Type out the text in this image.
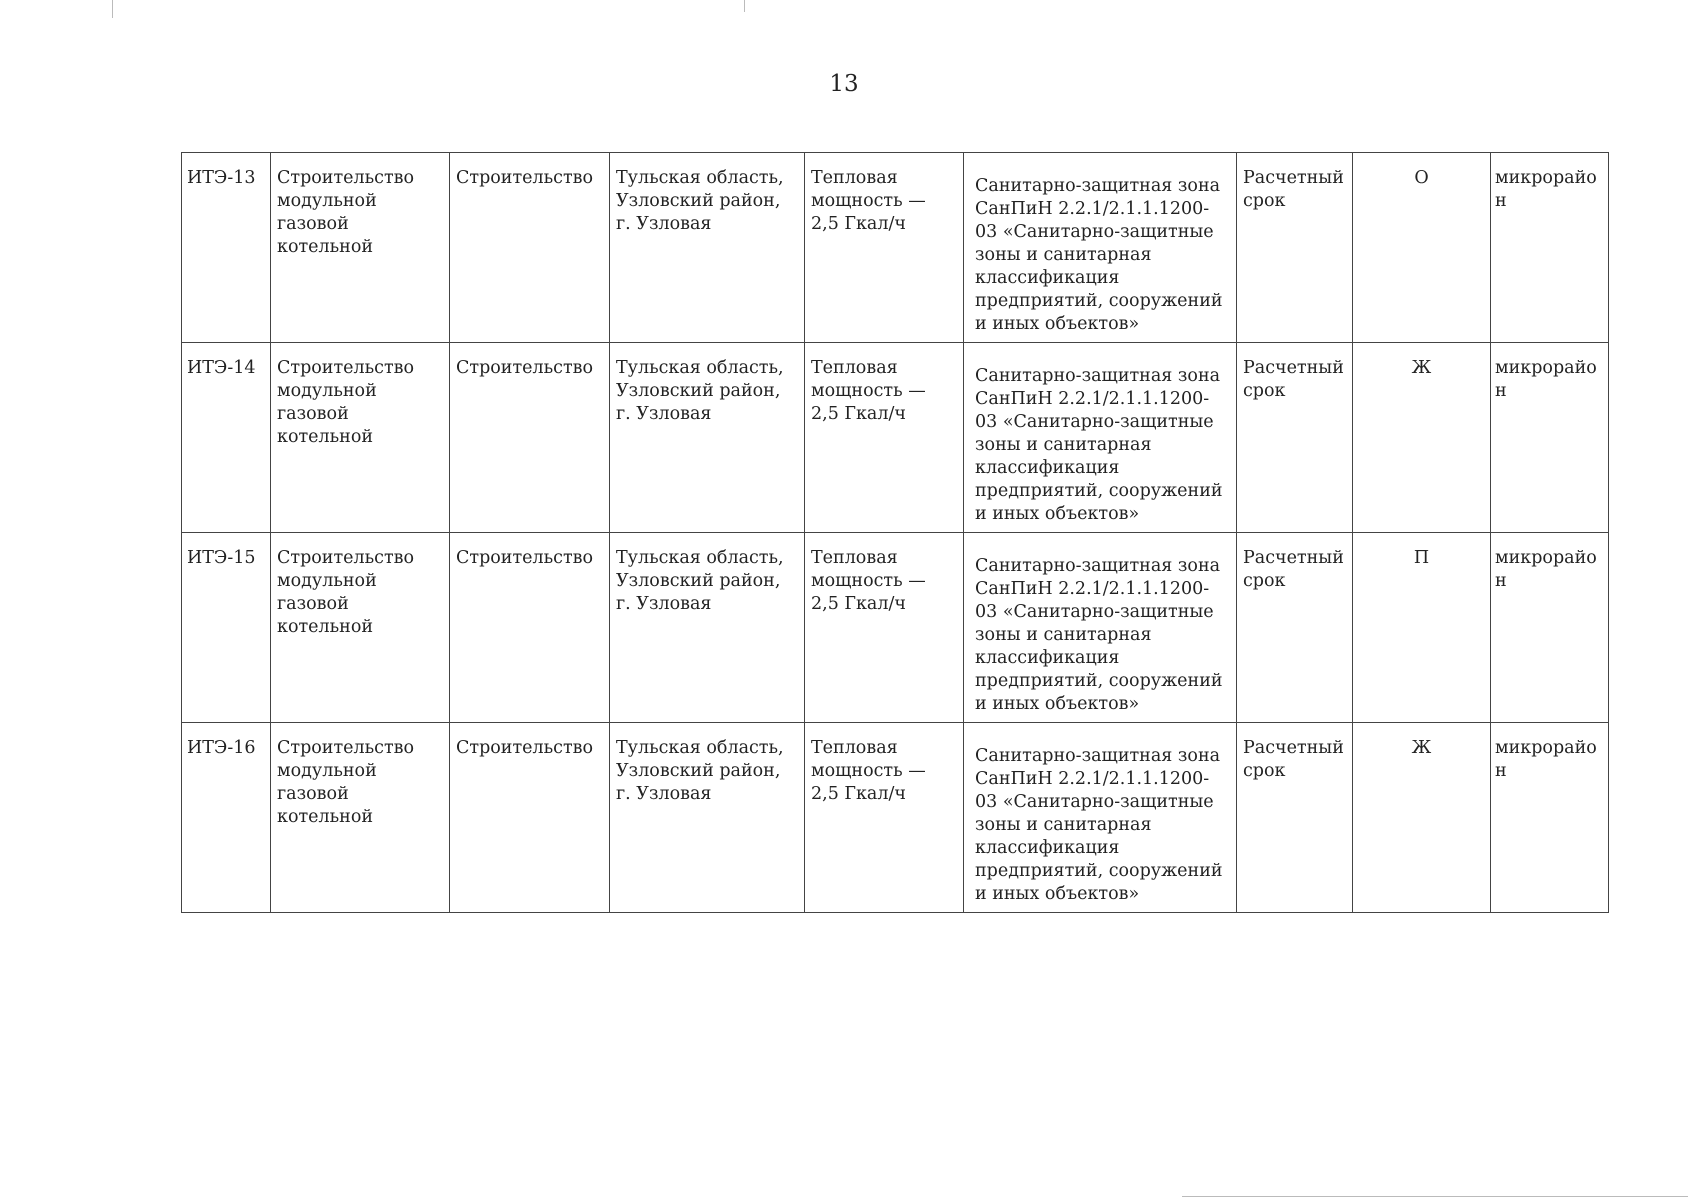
13
ИТЭ-13	Строительство модульной газовой котельной	Строительство	Тульская область, Узловский район, г. Узловая	Тепловая мощность — 2,5 Гкал/ч	Санитарно-защитная зона СанПиН 2.2.1/2.1.1.1200-03 «Санитарно-защитные зоны и санитарная классификация предприятий, сооружений и иных объектов»	Расчетный срок	О	микрорайон
ИТЭ-14	Строительство модульной газовой котельной	Строительство	Тульская область, Узловский район, г. Узловая	Тепловая мощность — 2,5 Гкал/ч	Санитарно-защитная зона СанПиН 2.2.1/2.1.1.1200-03 «Санитарно-защитные зоны и санитарная классификация предприятий, сооружений и иных объектов»	Расчетный срок	Ж	микрорайон
ИТЭ-15	Строительство модульной газовой котельной	Строительство	Тульская область, Узловский район, г. Узловая	Тепловая мощность — 2,5 Гкал/ч	Санитарно-защитная зона СанПиН 2.2.1/2.1.1.1200-03 «Санитарно-защитные зоны и санитарная классификация предприятий, сооружений и иных объектов»	Расчетный срок	П	микрорайон
ИТЭ-16	Строительство модульной газовой котельной	Строительство	Тульская область, Узловский район, г. Узловая	Тепловая мощность — 2,5 Гкал/ч	Санитарно-защитная зона СанПиН 2.2.1/2.1.1.1200-03 «Санитарно-защитные зоны и санитарная классификация предприятий, сооружений и иных объектов»	Расчетный срок	Ж	микрорайон
